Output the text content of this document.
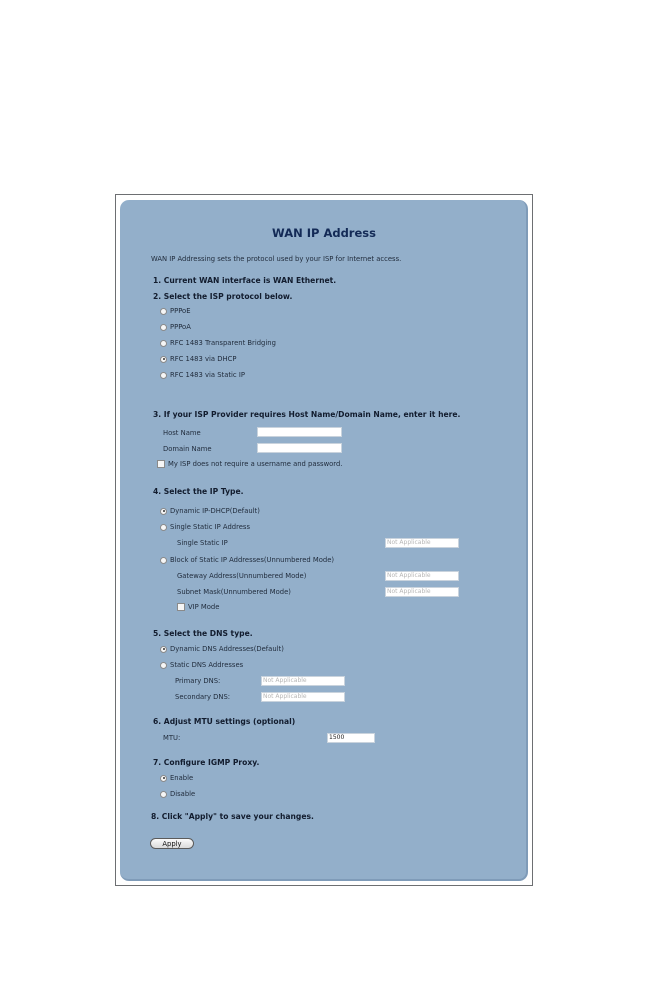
WAN IP Address
WAN IP Addressing sets the protocol used by your ISP for Internet access.
1. Current WAN interface is WAN Ethernet.
2. Select the ISP protocol below.
PPPoE
PPPoA
RFC 1483 Transparent Bridging
RFC 1483 via DHCP
RFC 1483 via Static IP
3. If your ISP Provider requires Host Name/Domain Name, enter it here.
Host Name
Domain Name
My ISP does not require a username and password.
4. Select the IP Type.
Dynamic IP-DHCP(Default)
Single Static IP Address
Single Static IP	Not Applicable
Block of Static IP Addresses(Unnumbered Mode)
Gateway Address(Unnumbered Mode)	Not Applicable
Subnet Mask(Unnumbered Mode)	Not Applicable
VIP Mode
5. Select the DNS type.
Dynamic DNS Addresses(Default)
Static DNS Addresses
Primary DNS:	Not Applicable
Secondary DNS:	Not Applicable
6. Adjust MTU settings (optional)
MTU:	1500
7. Configure IGMP Proxy.
Enable
Disable
8. Click "Apply" to save your changes.
Apply
